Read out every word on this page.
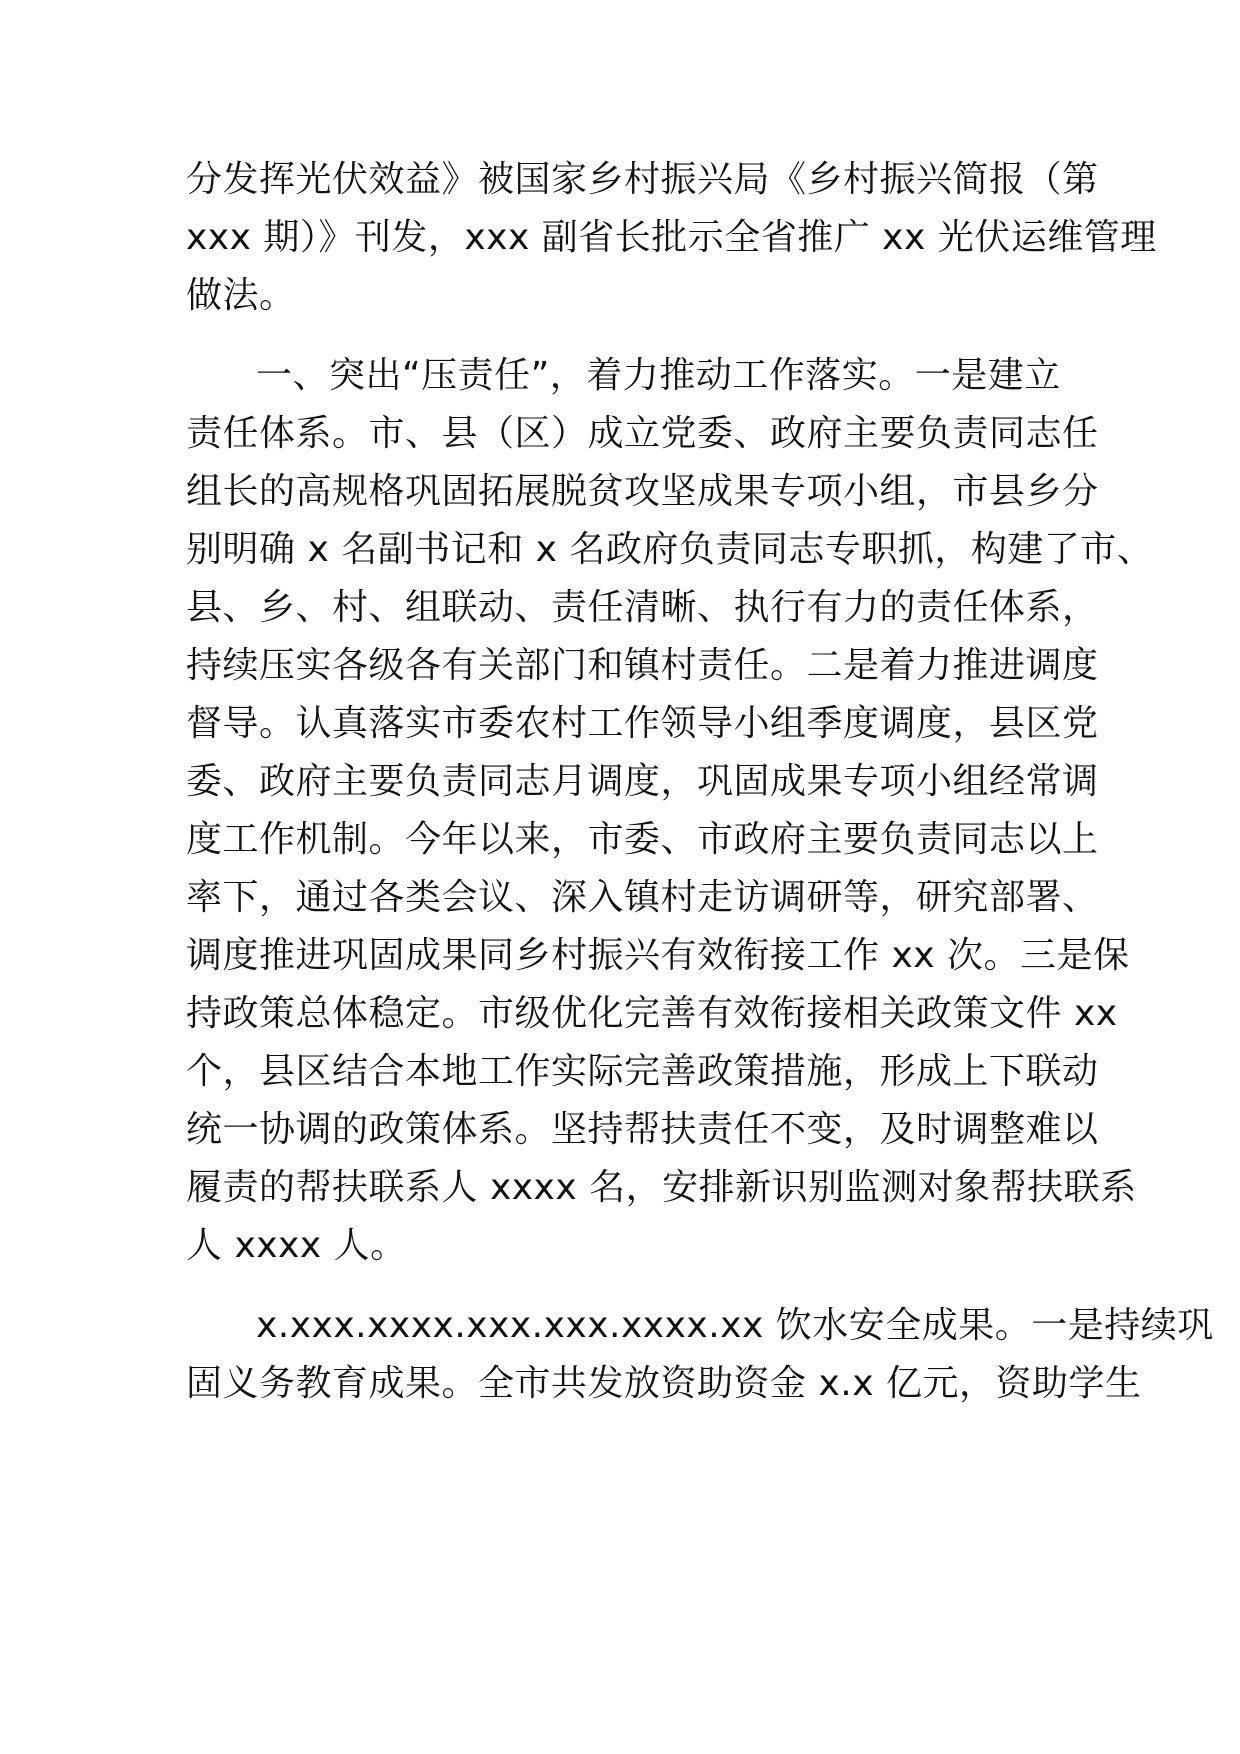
分发挥光伏效益》被国家乡村振兴局《乡村振兴简报（第
xxx 期）》刊发，xxx 副省长批示全省推广 xx 光伏运维管理
做法。
一、突出“压责任”，着力推动工作落实。一是建立
责任体系。市、县（区）成立党委、政府主要负责同志任
组长的高规格巩固拓展脱贫攻坚成果专项小组，市县乡分
别明确 x 名副书记和 x 名政府负责同志专职抓，构建了市、
县、乡、村、组联动、责任清晰、执行有力的责任体系，
持续压实各级各有关部门和镇村责任。二是着力推进调度
督导。认真落实市委农村工作领导小组季度调度，县区党
委、政府主要负责同志月调度，巩固成果专项小组经常调
度工作机制。今年以来，市委、市政府主要负责同志以上
率下，通过各类会议、深入镇村走访调研等，研究部署、
调度推进巩固成果同乡村振兴有效衔接工作 xx 次。三是保
持政策总体稳定。市级优化完善有效衔接相关政策文件 xx
个，县区结合本地工作实际完善政策措施，形成上下联动
统一协调的政策体系。坚持帮扶责任不变，及时调整难以
履责的帮扶联系人 xxxx 名，安排新识别监测对象帮扶联系
人 xxxx 人。
x.xxx.xxxx.xxx.xxx.xxxx.xx 饮水安全成果。一是持续巩
固义务教育成果。全市共发放资助资金 x.x 亿元，资助学生
